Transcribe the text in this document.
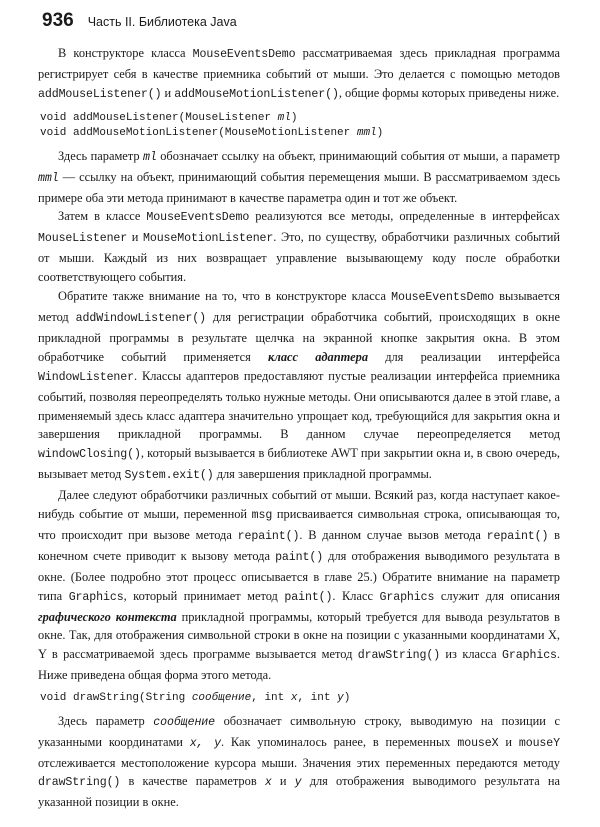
936 Часть II. Библиотека Java

В конструкторе класса MouseEventsDemo рассматриваемая здесь прикладная программа регистрирует себя в качестве приемника событий от мыши. Это делается с помощью методов addMouseListener() и addMouseMotionListener(), общие формы которых приведены ниже.

void addMouseListener(MouseListener ml)
void addMouseMotionListener(MouseMotionListener mml)

Здесь параметр ml обозначает ссылку на объект, принимающий события от мыши, а параметр mml — ссылку на объект, принимающий события перемещения мыши. В рассматриваемом здесь примере оба эти метода принимают в качестве параметра один и тот же объект.

Затем в классе MouseEventsDemo реализуются все методы, определенные в интерфейсах MouseListener и MouseMotionListener. Это, по существу, обработчики различных событий от мыши. Каждый из них возвращает управление вызывающему коду после обработки соответствующего события.

Обратите также внимание на то, что в конструкторе класса MouseEventsDemo вызывается метод addWindowListener() для регистрации обработчика событий, происходящих в окне прикладной программы в результате щелчка на экранной кнопке закрытия окна. В этом обработчике событий применяется класс адаптера для реализации интерфейса WindowListener. Классы адаптеров предоставляют пустые реализации интерфейса приемника событий, позволяя переопределять только нужные методы. Они описываются далее в этой главе, а применяемый здесь класс адаптера значительно упрощает код, требующийся для закрытия окна и завершения прикладной программы. В данном случае переопределяется метод windowClosing(), который вызывается в библиотеке AWT при закрытии окна и, в свою очередь, вызывает метод System.exit() для завершения прикладной программы.

Далее следуют обработчики различных событий от мыши. Всякий раз, когда наступает какое-нибудь событие от мыши, переменной msg присваивается символьная строка, описывающая то, что происходит при вызове метода repaint(). В данном случае вызов метода repaint() в конечном счете приводит к вызову метода paint() для отображения выводимого результата в окне. (Более подробно этот процесс описывается в главе 25.) Обратите внимание на параметр типа Graphics, который принимает метод paint(). Класс Graphics служит для описания графического контекста прикладной программы, который требуется для вывода результатов в окне. Так, для отображения символьной строки в окне на позиции с указанными координатами X, Y в рассматриваемой здесь программе вызывается метод drawString() из класса Graphics. Ниже приведена общая форма этого метода.

void drawString(String сообщение, int x, int y)

Здесь параметр сообщение обозначает символьную строку, выводимую на позиции с указанными координатами x, y. Как упоминалось ранее, в переменных mouseX и mouseY отслеживается местоположение курсора мыши. Значения этих переменных передаются методу drawString() в качестве параметров x и y для отображения выводимого результата на указанной позиции в окне.
